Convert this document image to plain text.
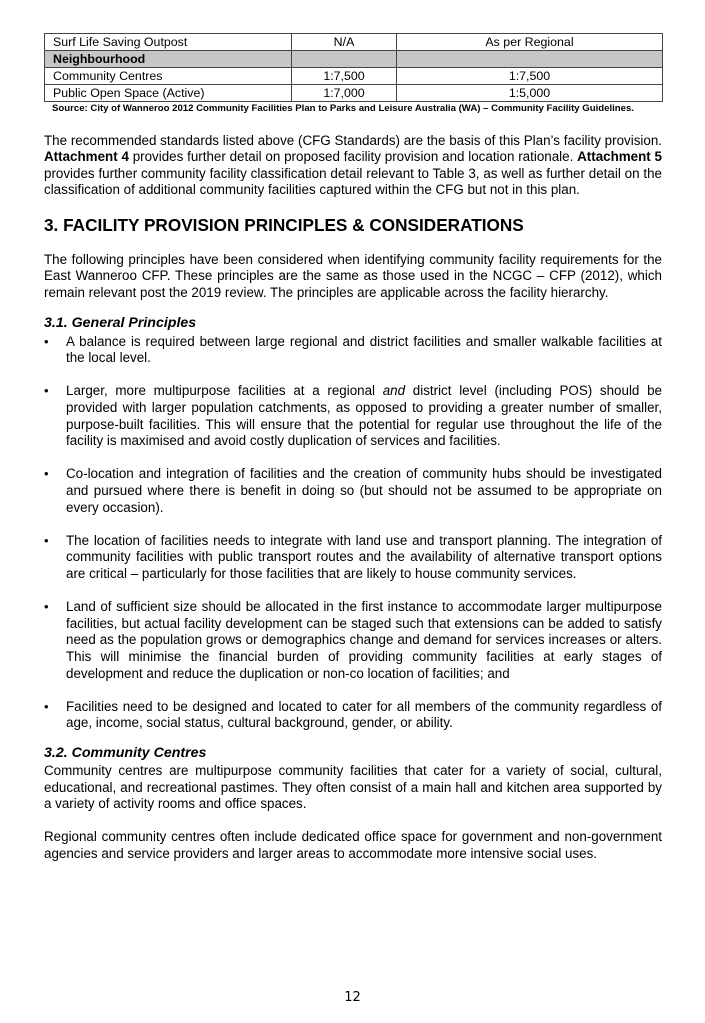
Surf Life Saving Outpost	N/A	As per Regional
Neighbourhood		
Community Centres	1:7,500	1:7,500
Public Open Space (Active)	1:7,000	1:5,000
Source: City of Wanneroo 2012 Community Facilities Plan to Parks and Leisure Australia (WA) – Community Facility Guidelines.

The recommended standards listed above (CFG Standards) are the basis of this Plan’s facility provision. Attachment 4 provides further detail on proposed facility provision and location rationale. Attachment 5 provides further community facility classification detail relevant to Table 3, as well as further detail on the classification of additional community facilities captured within the CFG but not in this plan.

3. FACILITY PROVISION PRINCIPLES & CONSIDERATIONS

The following principles have been considered when identifying community facility requirements for the East Wanneroo CFP. These principles are the same as those used in the NCGC – CFP (2012), which remain relevant post the 2019 review. The principles are applicable across the facility hierarchy.

3.1. General Principles
• A balance is required between large regional and district facilities and smaller walkable facilities at the local level.
• Larger, more multipurpose facilities at a regional and district level (including POS) should be provided with larger population catchments, as opposed to providing a greater number of smaller, purpose-built facilities. This will ensure that the potential for regular use throughout the life of the facility is maximised and avoid costly duplication of services and facilities.
• Co-location and integration of facilities and the creation of community hubs should be investigated and pursued where there is benefit in doing so (but should not be assumed to be appropriate on every occasion).
• The location of facilities needs to integrate with land use and transport planning. The integration of community facilities with public transport routes and the availability of alternative transport options are critical – particularly for those facilities that are likely to house community services.
• Land of sufficient size should be allocated in the first instance to accommodate larger multipurpose facilities, but actual facility development can be staged such that extensions can be added to satisfy need as the population grows or demographics change and demand for services increases or alters. This will minimise the financial burden of providing community facilities at early stages of development and reduce the duplication or non-co location of facilities; and
• Facilities need to be designed and located to cater for all members of the community regardless of age, income, social status, cultural background, gender, or ability.
3.2. Community Centres

Community centres are multipurpose community facilities that cater for a variety of social, cultural, educational, and recreational pastimes. They often consist of a main hall and kitchen area supported by a variety of activity rooms and office spaces.

Regional community centres often include dedicated office space for government and non-government agencies and service providers and larger areas to accommodate more intensive social uses.

12
